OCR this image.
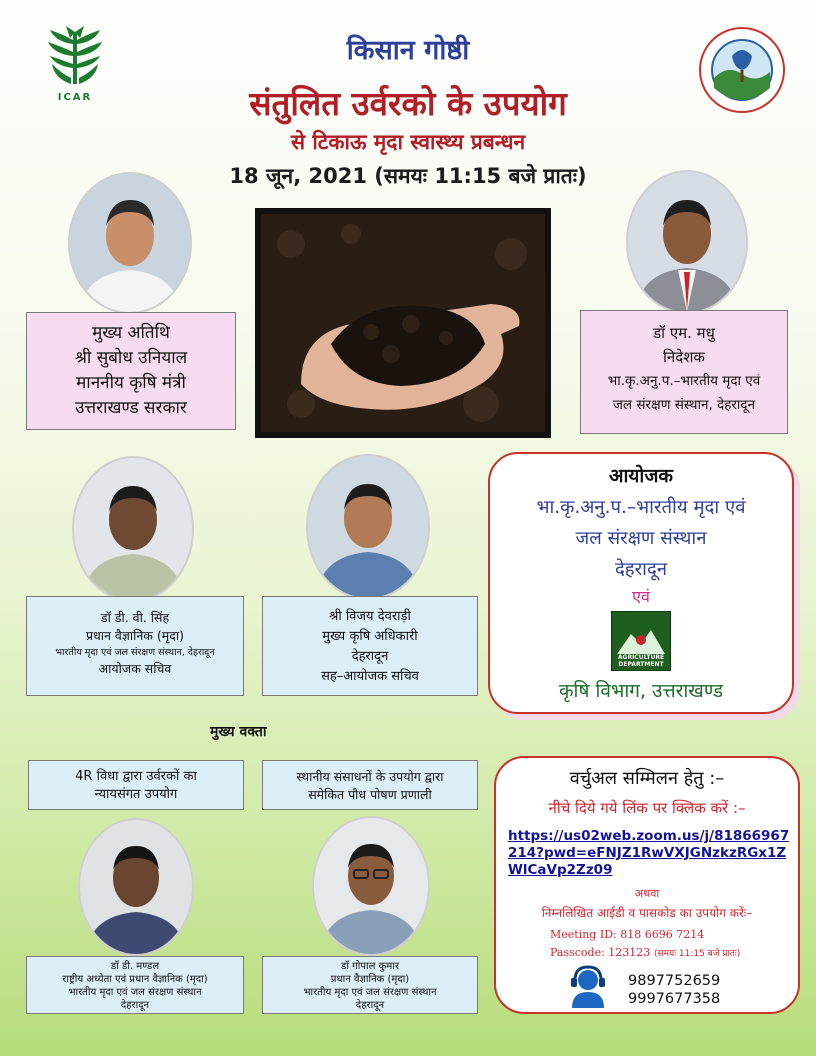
ICAR
किसान गोष्ठी
संतुलित उर्वरको के उपयोग
से टिकाऊ मृदा स्वास्थ्य प्रबन्धन
18 जून, 2021 (समयः 11:15 बजे प्रातः)
मुख्य अतिथि
श्री सुबोध उनियाल
माननीय कृषि मंत्री
उत्तराखण्ड सरकार
डॉ एम. मधु
निदेशक
भा.कृ.अनु.प.–भारतीय मृदा एवं
जल संरक्षण संस्थान, देहरादून
डॉ डी. वी. सिंह
प्रधान वैज्ञानिक (मृदा)
भारतीय मृदा एवं जल संरक्षण संस्थान, देहरादून
आयोजक सचिव
श्री विजय देवराड़ी
मुख्य कृषि अधिकारी
देहरादून
सह–आयोजक सचिव
आयोजक
भा.कृ.अनु.प.–भारतीय मृदा एवं
जल संरक्षण संस्थान
देहरादून
एवं
AGRICULTURE DEPARTMENT
कृषि विभाग, उत्तराखण्ड
मुख्य वक्ता
4R विधा द्वारा उर्वरकों का
न्यायसंगत उपयोग
स्थानीय संसाधनों के उपयोग द्वारा
समेकित पौध पोषण प्रणाली
डॉ डी. मण्डल
राष्ट्रीय अध्येता एवं प्रधान वैज्ञानिक (मृदा)
भारतीय मृदा एवं जल संरक्षण संस्थान
देहरादून
डॉ गोपाल कुमार
प्रधान वैज्ञानिक (मृदा)
भारतीय मृदा एवं जल संरक्षण संस्थान
देहरादून
वर्चुअल सम्मिलन हेतु :–
नीचे दिये गये लिंक पर क्लिक करें :–
https://us02web.zoom.us/j/81866967
214?pwd=eFNJZ1RwVXJGNzkzRGx1Z
WlCaVp2Zz09
अथवा
निम्नलिखित आईडी व पासकोड का उपयोग करेंः–
Meeting ID: 818 6696 7214
Passcode: 123123 (समयः 11:15 बजे प्रातः)
9897752659
9997677358
